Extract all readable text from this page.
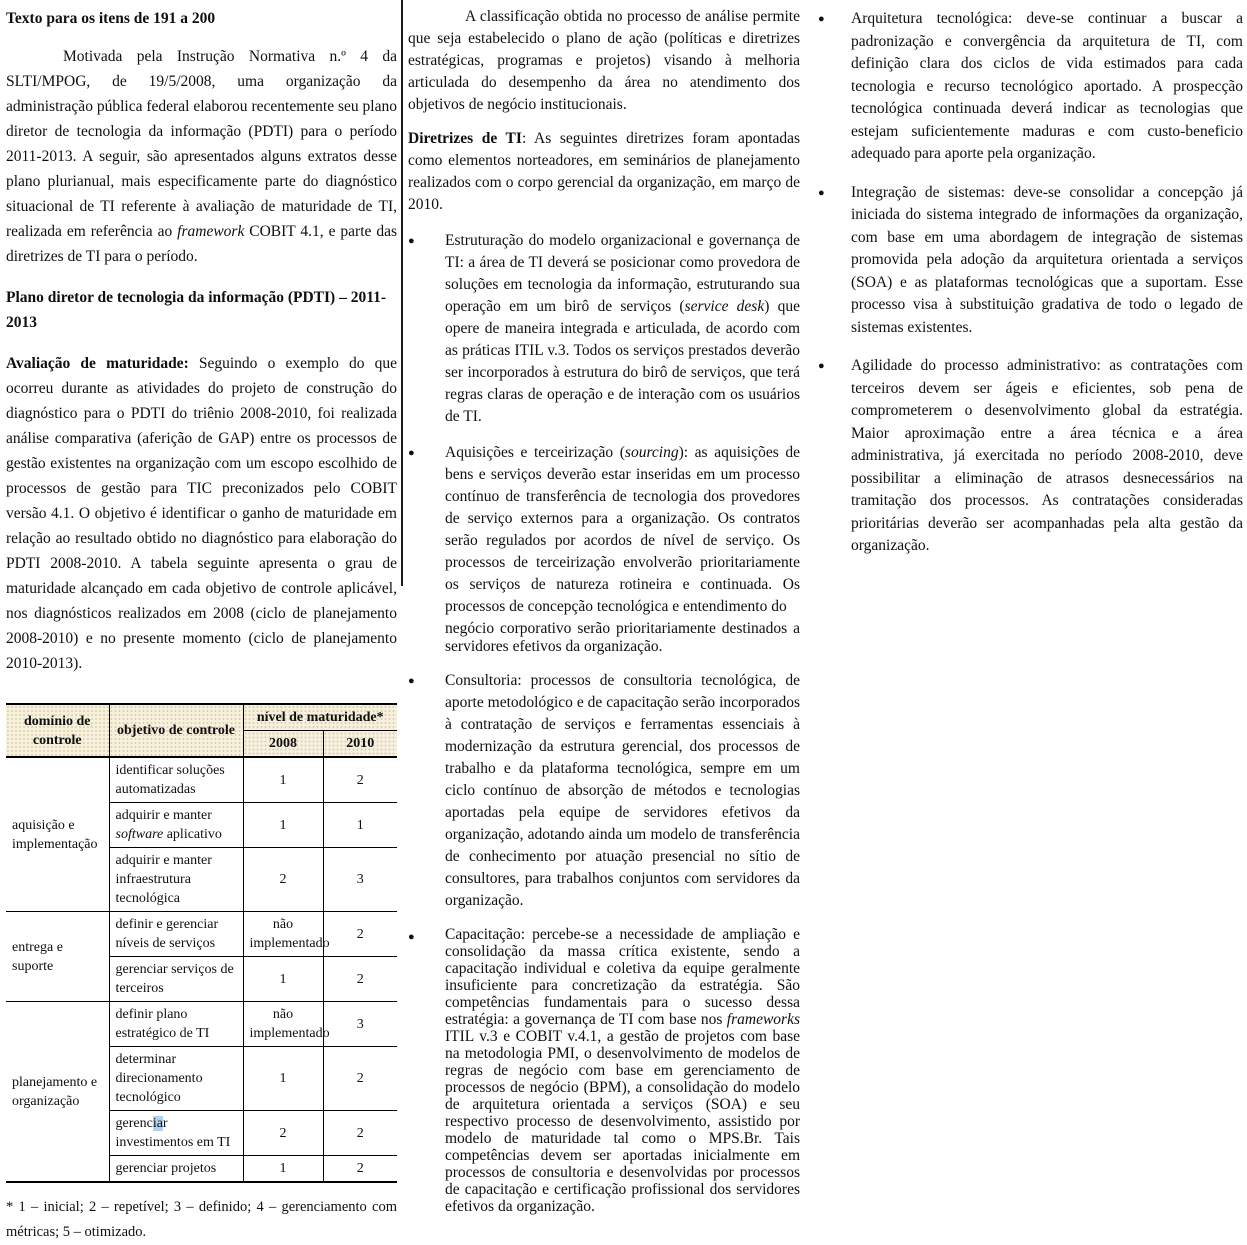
Texto para os itens de 191 a 200

Motivada pela Instrução Normativa n.º 4 da SLTI/MPOG, de 19/5/2008, uma organização da administração pública federal elaborou recentemente seu plano diretor de tecnologia da informação (PDTI) para o período 2011-2013. A seguir, são apresentados alguns extratos desse plano plurianual, mais especificamente parte do diagnóstico situacional de TI referente à avaliação de maturidade de TI, realizada em referência ao framework COBIT 4.1, e parte das diretrizes de TI para o período.

Plano diretor de tecnologia da informação (PDTI) – 2011-2013

Avaliação de maturidade: Seguindo o exemplo do que ocorreu durante as atividades do projeto de construção do diagnóstico para o PDTI do triênio 2008-2010, foi realizada análise comparativa (aferição de GAP) entre os processos de gestão existentes na organização com um escopo escolhido de processos de gestão para TIC preconizados pelo COBIT versão 4.1. O objetivo é identificar o ganho de maturidade em relação ao resultado obtido no diagnóstico para elaboração do PDTI 2008-2010. A tabela seguinte apresenta o grau de maturidade alcançado em cada objetivo de controle aplicável, nos diagnósticos realizados em 2008 (ciclo de planejamento 2008-2010) e no presente momento (ciclo de planejamento 2010-2013).

domínio de controle	objetivo de controle	nível de maturidade*	
		2008	2010
aquisição e implementação	identificar soluções automatizadas	1	2
	adquirir e manter software aplicativo	1	1
	adquirir e manter infraestrutura tecnológica	2	3
entrega e suporte	definir e gerenciar níveis de serviços	não implementado	2
	gerenciar serviços de terceiros	1	2
planejamento e organização	definir plano estratégico de TI	não implementado	3
	determinar direcionamento tecnológico	1	2
	gerenciar investimentos em TI	2	2
	gerenciar projetos	1	2

* 1 – inicial; 2 – repetível; 3 – definido; 4 – gerenciamento com métricas; 5 – otimizado.

A classificação obtida no processo de análise permite que seja estabelecido o plano de ação (políticas e diretrizes estratégicas, programas e projetos) visando à melhoria articulada do desempenho da área no atendimento dos objetivos de negócio institucionais.

Diretrizes de TI: As seguintes diretrizes foram apontadas como elementos norteadores, em seminários de planejamento realizados com o corpo gerencial da organização, em março de 2010.

●	Estruturação do modelo organizacional e governança de TI: a área de TI deverá se posicionar como provedora de soluções em tecnologia da informação, estruturando sua operação em um birô de serviços (service desk) que opere de maneira integrada e articulada, de acordo com as práticas ITIL v.3. Todos os serviços prestados deverão ser incorporados à estrutura do birô de serviços, que terá regras claras de operação e de interação com os usuários de TI.
●	Aquisições e terceirização (sourcing): as aquisições de bens e serviços deverão estar inseridas em um processo contínuo de transferência de tecnologia dos provedores de serviço externos para a organização. Os contratos serão regulados por acordos de nível de serviço. Os processos de terceirização envolverão prioritariamente os serviços de natureza rotineira e continuada. Os processos de concepção tecnológica e entendimento do
negócio corporativo serão prioritariamente destinados a servidores efetivos da organização.
●	Consultoria: processos de consultoria tecnológica, de aporte metodológico e de capacitação serão incorporados à contratação de serviços e ferramentas essenciais à modernização da estrutura gerencial, dos processos de trabalho e da plataforma tecnológica, sempre em um ciclo contínuo de absorção de métodos e tecnologias aportadas pela equipe de servidores efetivos da organização, adotando ainda um modelo de transferência de conhecimento por atuação presencial no sítio de consultores, para trabalhos conjuntos com servidores da organização.
●	Capacitação: percebe-se a necessidade de ampliação e consolidação da massa crítica existente, sendo a capacitação individual e coletiva da equipe geralmente insuficiente para concretização da estratégia. São competências fundamentais para o sucesso dessa estratégia: a governança de TI com base nos frameworks ITIL v.3 e COBIT v.4.1, a gestão de projetos com base na metodologia PMI, o desenvolvimento de modelos de regras de negócio com base em gerenciamento de processos de negócio (BPM), a consolidação do modelo de arquitetura orientada a serviços (SOA) e seu respectivo processo de desenvolvimento, assistido por modelo de maturidade tal como o MPS.Br. Tais competências devem ser aportadas inicialmente em processos de consultoria e desenvolvidas por processos de capacitação e certificação profissional dos servidores efetivos da organização.
●	Arquitetura tecnológica: deve-se continuar a buscar a padronização e convergência da arquitetura de TI, com definição clara dos ciclos de vida estimados para cada tecnologia e recurso tecnológico aportado. A prospecção tecnológica continuada deverá indicar as tecnologias que estejam suficientemente maduras e com custo-beneficio adequado para aporte pela organização.
●	Integração de sistemas: deve-se consolidar a concepção já iniciada do sistema integrado de informações da organização, com base em uma abordagem de integração de sistemas promovida pela adoção da arquitetura orientada a serviços (SOA) e as plataformas tecnológicas que a suportam. Esse processo visa à substituição gradativa de todo o legado de sistemas existentes.
●	Agilidade do processo administrativo: as contratações com terceiros devem ser ágeis e eficientes, sob pena de comprometerem o desenvolvimento global da estratégia. Maior aproximação entre a área técnica e a área administrativa, já exercitada no período 2008-2010, deve possibilitar a eliminação de atrasos desnecessários na tramitação dos processos. As contratações consideradas prioritárias deverão ser acompanhadas pela alta gestão da organização.
